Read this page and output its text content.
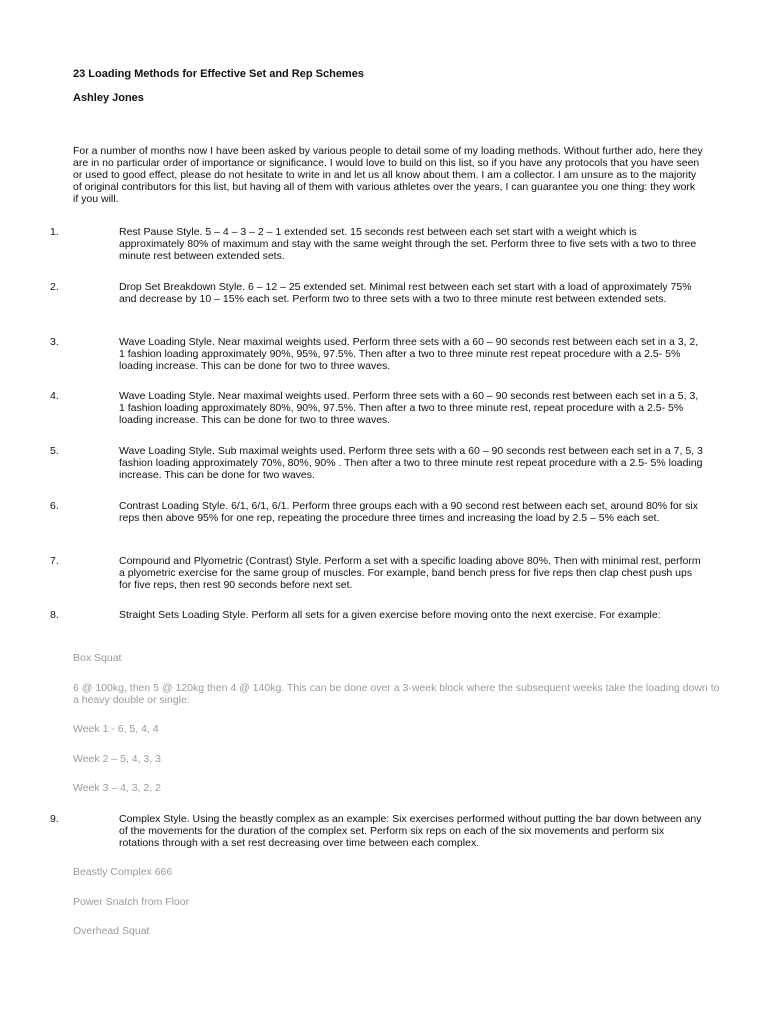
23 Loading Methods for Effective Set and Rep Schemes
Ashley Jones
For a number of months now I have been asked by various people to detail some of my loading methods. Without further ado, here they are in no particular order of importance or significance. I would love to build on this list, so if you have any protocols that you have seen or used to good effect, please do not hesitate to write in and let us all know about them. I am a collector. I am unsure as to the majority of original contributors for this list, but having all of them with various athletes over the years, I can guarantee you one thing: they work if you will.
1.	Rest Pause Style. 5 – 4 – 3 – 2 – 1 extended set. 15 seconds rest between each set start with a weight which is approximately 80% of maximum and stay with the same weight through the set. Perform three to five sets with a two to three minute rest between extended sets.
2.	Drop Set Breakdown Style. 6 – 12 – 25 extended set. Minimal rest between each set start with a load of approximately 75% and decrease by 10 – 15% each set. Perform two to three sets with a two to three minute rest between extended sets.
3.	Wave Loading Style. Near maximal weights used. Perform three sets with a 60 – 90 seconds rest between each set in a 3, 2, 1 fashion loading approximately 90%, 95%, 97.5%. Then after a two to three minute rest repeat procedure with a 2.5- 5% loading increase. This can be done for two to three waves.
4.	Wave Loading Style. Near maximal weights used. Perform three sets with a 60 – 90 seconds rest between each set in a 5, 3, 1 fashion loading approximately 80%, 90%, 97.5%. Then after a two to three minute rest, repeat procedure with a 2.5- 5% loading increase. This can be done for two to three waves.
5.	Wave Loading Style. Sub maximal weights used. Perform three sets with a 60 – 90 seconds rest between each set in a 7, 5, 3 fashion loading approximately 70%, 80%, 90% . Then after a two to three minute rest repeat procedure with a 2.5- 5% loading increase. This can be done for two waves.
6.	Contrast Loading Style. 6/1, 6/1, 6/1. Perform three groups each with a 90 second rest between each set, around 80% for six reps then above 95% for one rep, repeating the procedure three times and increasing the load by 2.5 – 5% each set.
7.	Compound and Plyometric (Contrast) Style. Perform a set with a specific loading above 80%. Then with minimal rest, perform a plyometric exercise for the same group of muscles. For example, band bench press for five reps then clap chest push ups for five reps, then rest 90 seconds before next set.
8.	Straight Sets Loading Style. Perform all sets for a given exercise before moving onto the next exercise. For example:
Box Squat
6 @ 100kg, then 5 @ 120kg then 4 @ 140kg. This can be done over a 3-week block where the subsequent weeks take the loading down to a heavy double or single:
Week 1 - 6, 5, 4, 4
Week 2 – 5, 4, 3, 3
Week 3 – 4, 3, 2, 2
9.	Complex Style. Using the beastly complex as an example: Six exercises performed without putting the bar down between any of the movements for the duration of the complex set. Perform six reps on each of the six movements and perform six rotations through with a set rest decreasing over time between each complex.
Beastly Complex 666
Power Snatch from Floor
Overhead Squat
